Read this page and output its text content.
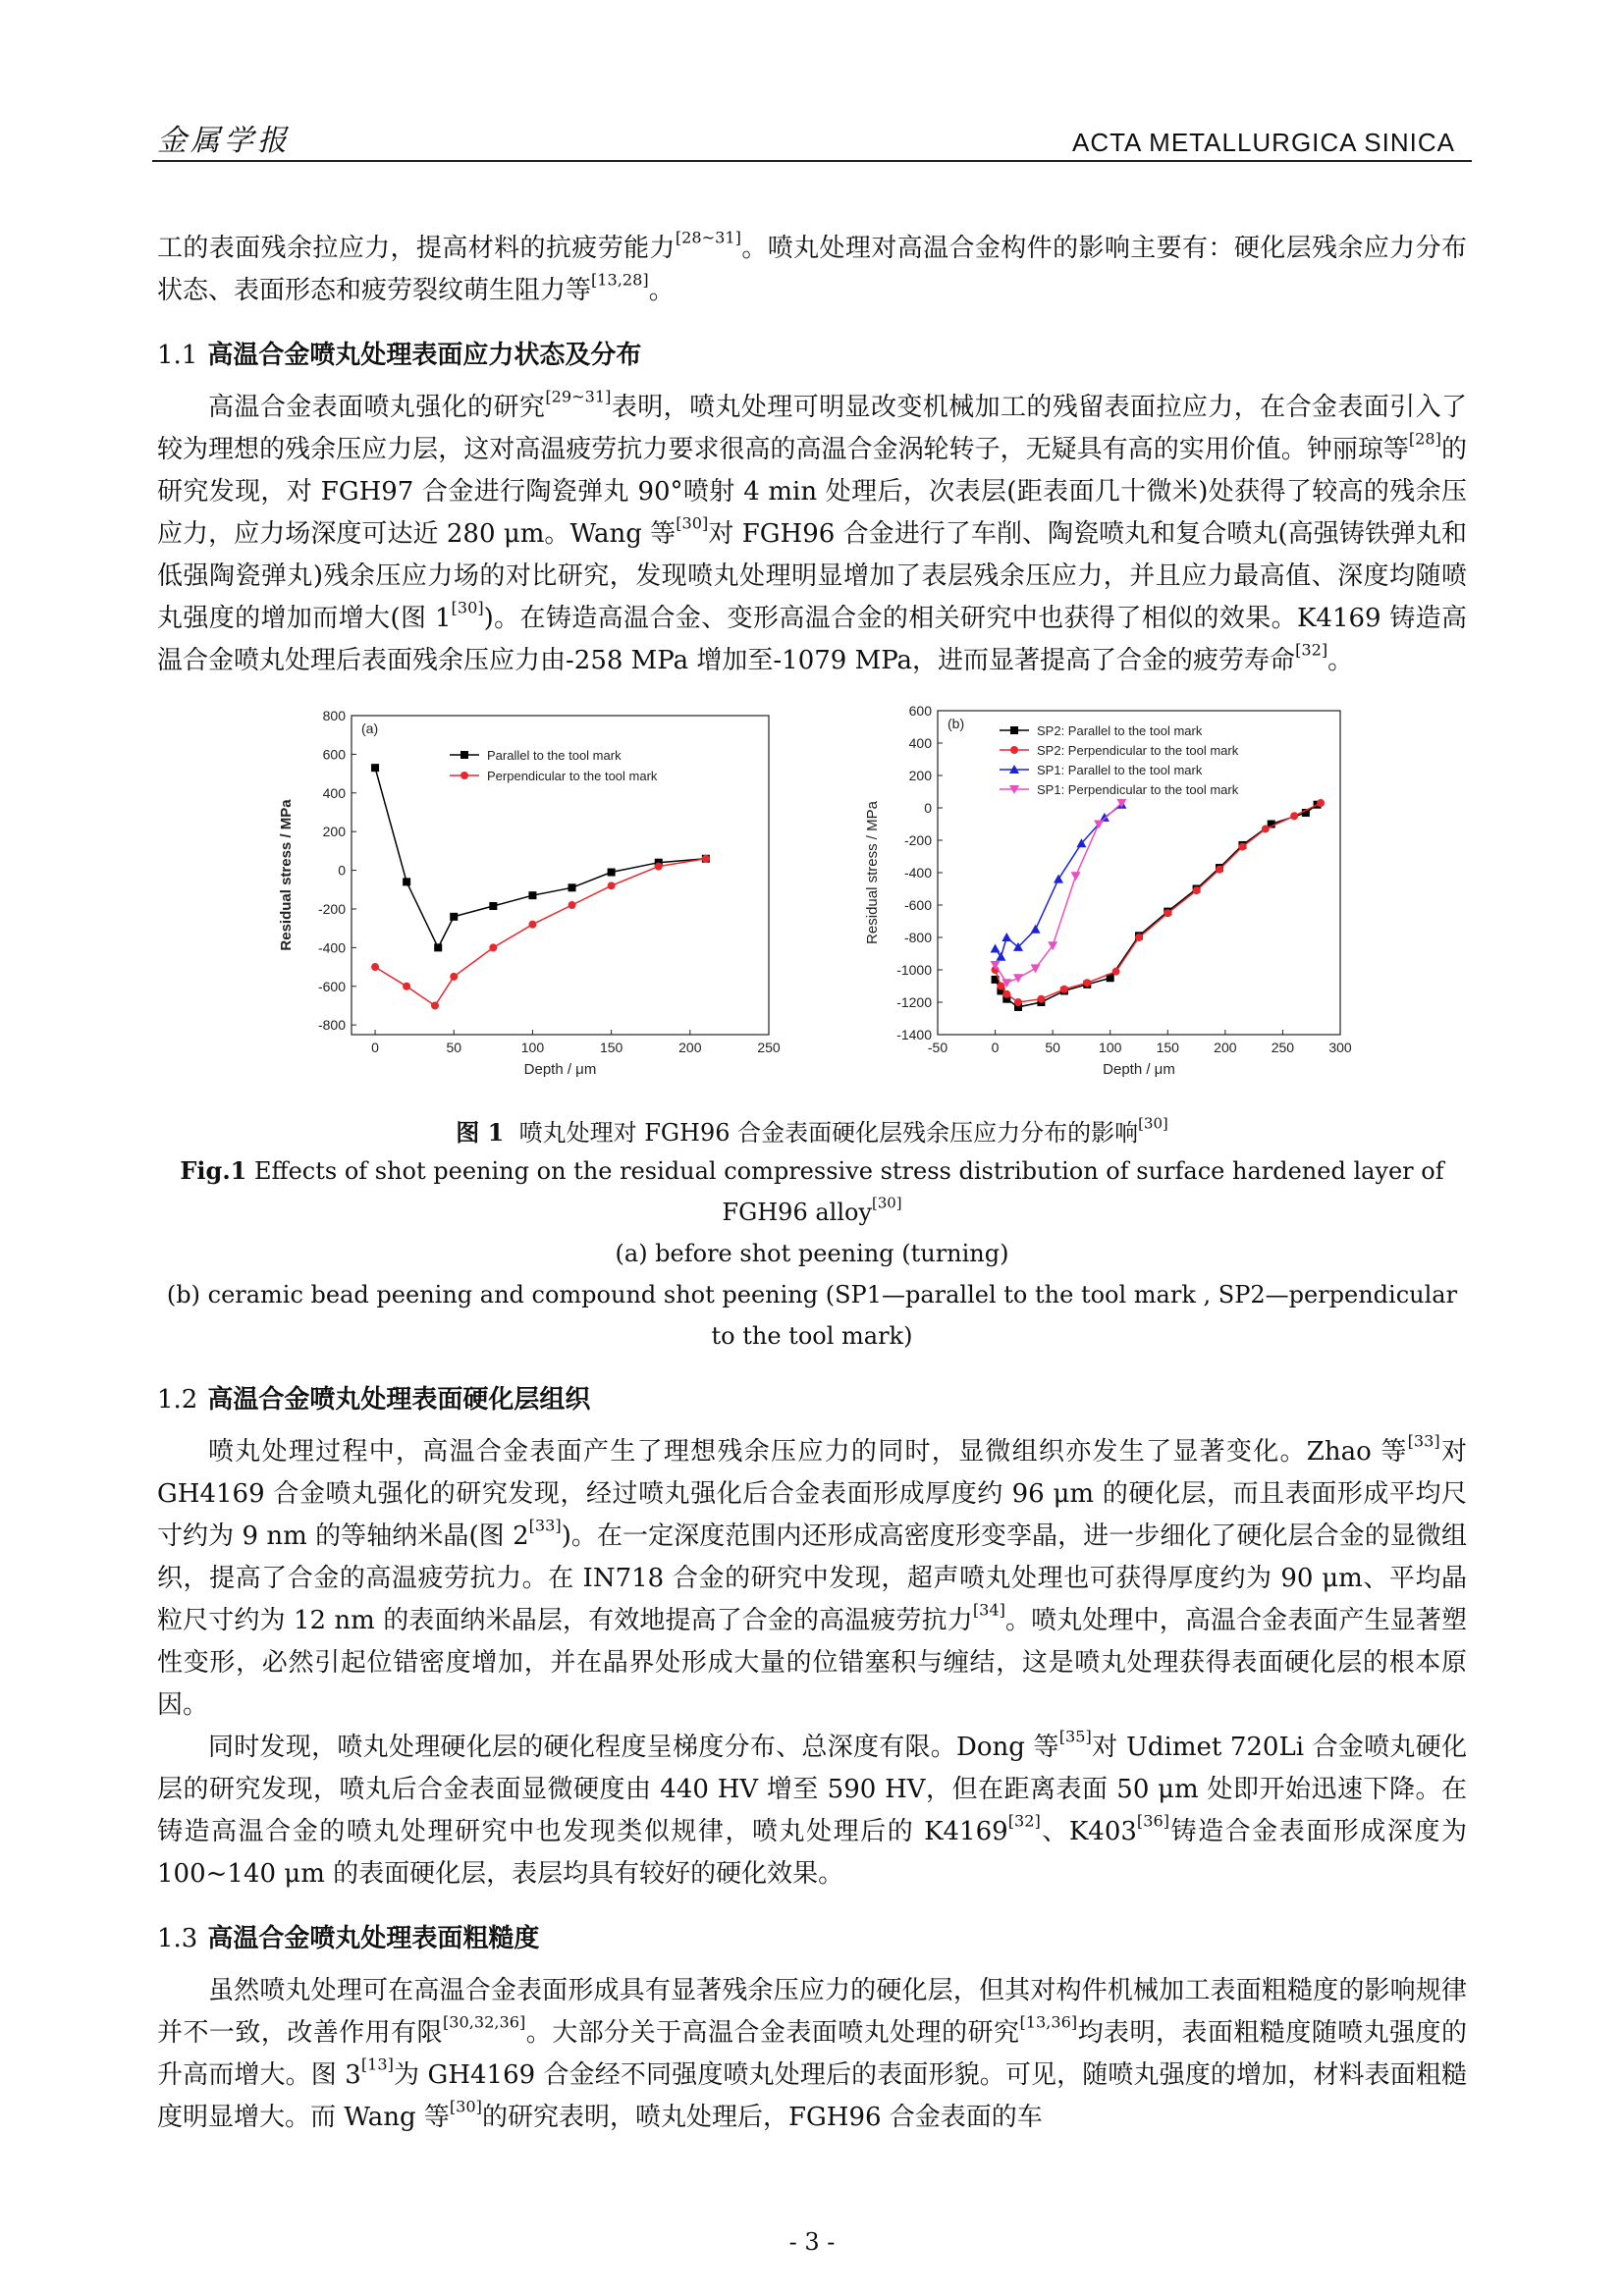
金属学报	ACTA METALLURGICA SINICA

工的表面残余拉应力，提高材料的抗疲劳能力[28~31]。喷丸处理对高温合金构件的影响主要有：硬化层残余应力分布状态、表面形态和疲劳裂纹萌生阻力等[13,28]。

1.1 高温合金喷丸处理表面应力状态及分布

高温合金表面喷丸强化的研究[29~31]表明，喷丸处理可明显改变机械加工的残留表面拉应力，在合金表面引入了较为理想的残余压应力层，这对高温疲劳抗力要求很高的高温合金涡轮转子，无疑具有高的实用价值。钟丽琼等[28]的研究发现，对 FGH97 合金进行陶瓷弹丸 90°喷射 4 min 处理后，次表层(距表面几十微米)处获得了较高的残余压应力，应力场深度可达近 280 μm。Wang 等[30]对 FGH96 合金进行了车削、陶瓷喷丸和复合喷丸(高强铸铁弹丸和低强陶瓷弹丸)残余压应力场的对比研究，发现喷丸处理明显增加了表层残余压应力，并且应力最高值、深度均随喷丸强度的增加而增大(图 1[30])。在铸造高温合金、变形高温合金的相关研究中也获得了相似的效果。K4169 铸造高温合金喷丸处理后表面残余压应力由-258 MPa 增加至-1079 MPa，进而显著提高了合金的疲劳寿命[32]。

0	50	100	150	200	250
800
600
400
200
0
-200
-400
-600
-800
Depth / μm
Residual stress / MPa
(a)
Parallel to the tool mark
Perpendicular to the tool mark
-50	0	50	100	150	200	250	300
600
400
200
0
-200
-400
-600
-800
-1000
-1200
-1400
Depth / μm
Residual stress / MPa
(b)	SP2: Parallel to the tool mark
SP2: Perpendicular to the tool mark
SP1: Parallel to the tool mark
SP1: Perpendicular to the tool mark
图 1 喷丸处理对 FGH96 合金表面硬化层残余压应力分布的影响[30]
Fig.1 Effects of shot peening on the residual compressive stress distribution of surface hardened layer of FGH96 alloy[30]
(a) before shot peening (turning)
(b) ceramic bead peening and compound shot peening (SP1—parallel to the tool mark , SP2—perpendicular to the tool mark)
1.2 高温合金喷丸处理表面硬化层组织

喷丸处理过程中，高温合金表面产生了理想残余压应力的同时，显微组织亦发生了显著变化。Zhao 等[33]对 GH4169 合金喷丸强化的研究发现，经过喷丸强化后合金表面形成厚度约 96 μm 的硬化层，而且表面形成平均尺寸约为 9 nm 的等轴纳米晶(图 2[33])。在一定深度范围内还形成高密度形变孪晶，进一步细化了硬化层合金的显微组织，提高了合金的高温疲劳抗力。在 IN718 合金的研究中发现，超声喷丸处理也可获得厚度约为 90 μm、平均晶粒尺寸约为 12 nm 的表面纳米晶层，有效地提高了合金的高温疲劳抗力[34]。喷丸处理中，高温合金表面产生显著塑性变形，必然引起位错密度增加，并在晶界处形成大量的位错塞积与缠结，这是喷丸处理获得表面硬化层的根本原因。

同时发现，喷丸处理硬化层的硬化程度呈梯度分布、总深度有限。Dong 等[35]对 Udimet 720Li 合金喷丸硬化层的研究发现，喷丸后合金表面显微硬度由 440 HV 增至 590 HV，但在距离表面 50 μm 处即开始迅速下降。在铸造高温合金的喷丸处理研究中也发现类似规律，喷丸处理后的 K4169[32]、K403[36]铸造合金表面形成深度为 100~140 μm 的表面硬化层，表层均具有较好的硬化效果。

1.3 高温合金喷丸处理表面粗糙度

虽然喷丸处理可在高温合金表面形成具有显著残余压应力的硬化层，但其对构件机械加工表面粗糙度的影响规律并不一致，改善作用有限[30,32,36]。大部分关于高温合金表面喷丸处理的研究[13,36]均表明，表面粗糙度随喷丸强度的升高而增大。图 3[13]为 GH4169 合金经不同强度喷丸处理后的表面形貌。可见，随喷丸强度的增加，材料表面粗糙度明显增大。而 Wang 等[30]的研究表明，喷丸处理后，FGH96 合金表面的车

- 3 -
